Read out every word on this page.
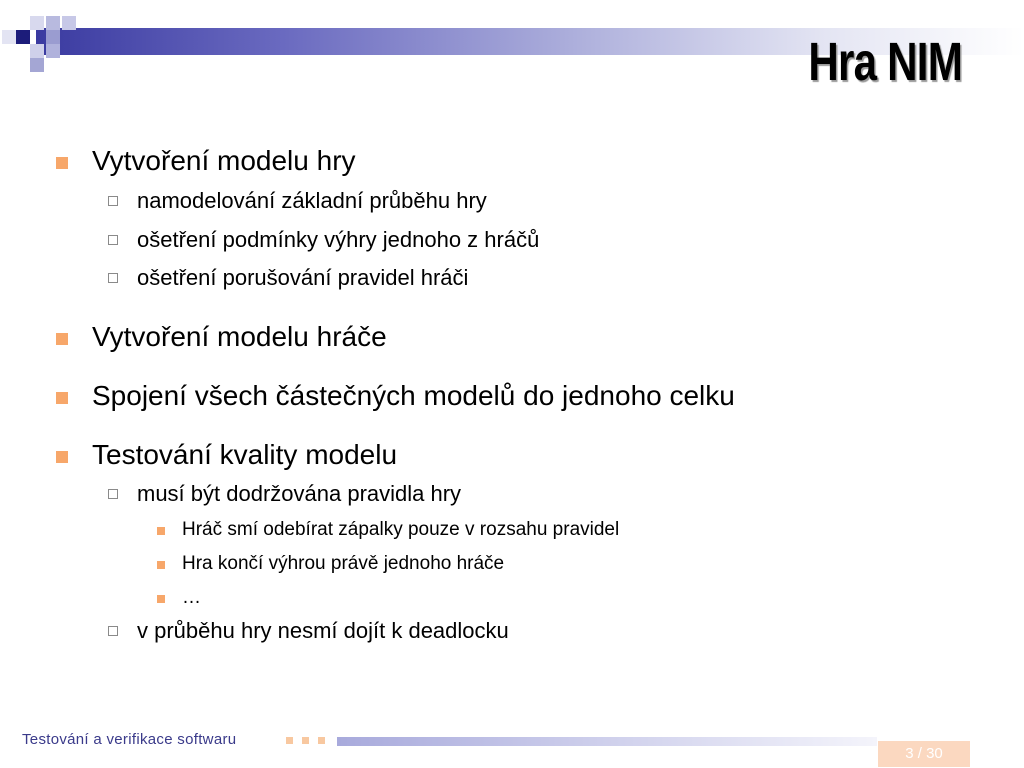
Hra NIM
Vytvoření modelu hry
namodelování základní průběhu hry
ošetření podmínky výhry jednoho z hráčů
ošetření porušování pravidel hráči
Vytvoření modelu hráče
Spojení všech částečných modelů do jednoho celku
Testování kvality modelu
musí být dodržována pravidla hry
Hráč smí odebírat zápalky pouze v rozsahu pravidel
Hra končí výhrou právě jednoho hráče
…
v průběhu hry nesmí dojít k deadlocku
Testování a verifikace softwaru
3 / 30
